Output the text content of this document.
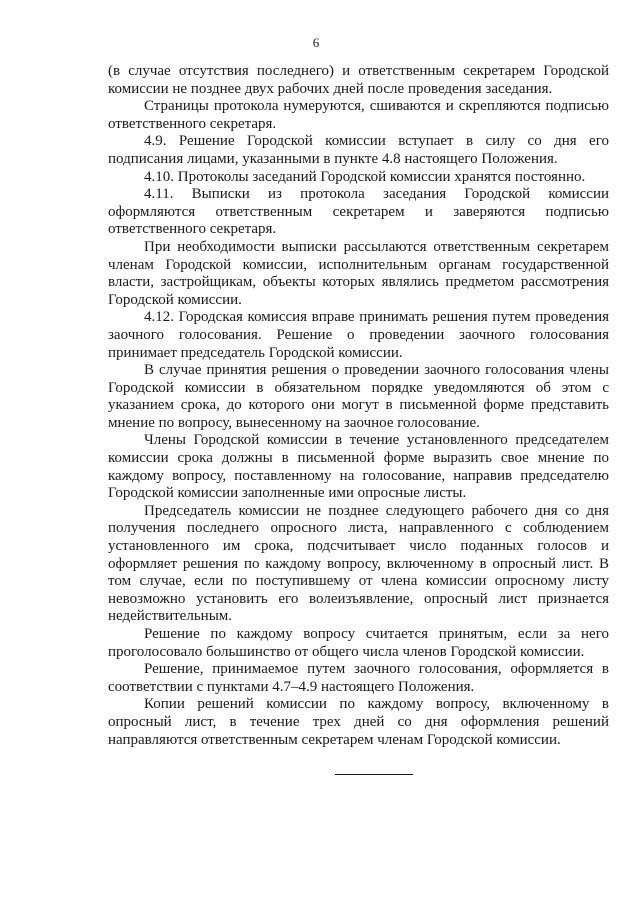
6

(в случае отсутствия последнего) и ответственным секретарем Городской комиссии не позднее двух рабочих дней после проведения заседания.

Страницы протокола нумеруются, сшиваются и скрепляются подписью ответственного секретаря.

4.9. Решение Городской комиссии вступает в силу со дня его подписания лицами, указанными в пункте 4.8 настоящего Положения.

4.10. Протоколы заседаний Городской комиссии хранятся постоянно.

4.11. Выписки из протокола заседания Городской комиссии оформляются ответственным секретарем и заверяются подписью ответственного секретаря.

При необходимости выписки рассылаются ответственным секретарем членам Городской комиссии, исполнительным органам государственной власти, застройщикам, объекты которых являлись предметом рассмотрения Городской комиссии.

4.12. Городская комиссия вправе принимать решения путем проведения заочного голосования. Решение о проведении заочного голосования принимает председатель Городской комиссии.

В случае принятия решения о проведении заочного голосования члены Городской комиссии в обязательном порядке уведомляются об этом с указанием срока, до которого они могут в письменной форме представить мнение по вопросу, вынесенному на заочное голосование.

Члены Городской комиссии в течение установленного председателем комиссии срока должны в письменной форме выразить свое мнение по каждому вопросу, поставленному на голосование, направив председателю Городской комиссии заполненные ими опросные листы.

Председатель комиссии не позднее следующего рабочего дня со дня получения последнего опросного листа, направленного с соблюдением установленного им срока, подсчитывает число поданных голосов и оформляет решения по каждому вопросу, включенному в опросный лист. В том случае, если по поступившему от члена комиссии опросному листу невозможно установить его волеизъявление, опросный лист признается недействительным.

Решение по каждому вопросу считается принятым, если за него проголосовало большинство от общего числа членов Городской комиссии.

Решение, принимаемое путем заочного голосования, оформляется в соответствии с пунктами 4.7–4.9 настоящего Положения.

Копии решений комиссии по каждому вопросу, включенному в опросный лист, в течение трех дней со дня оформления решений направляются ответственным секретарем членам Городской комиссии.
